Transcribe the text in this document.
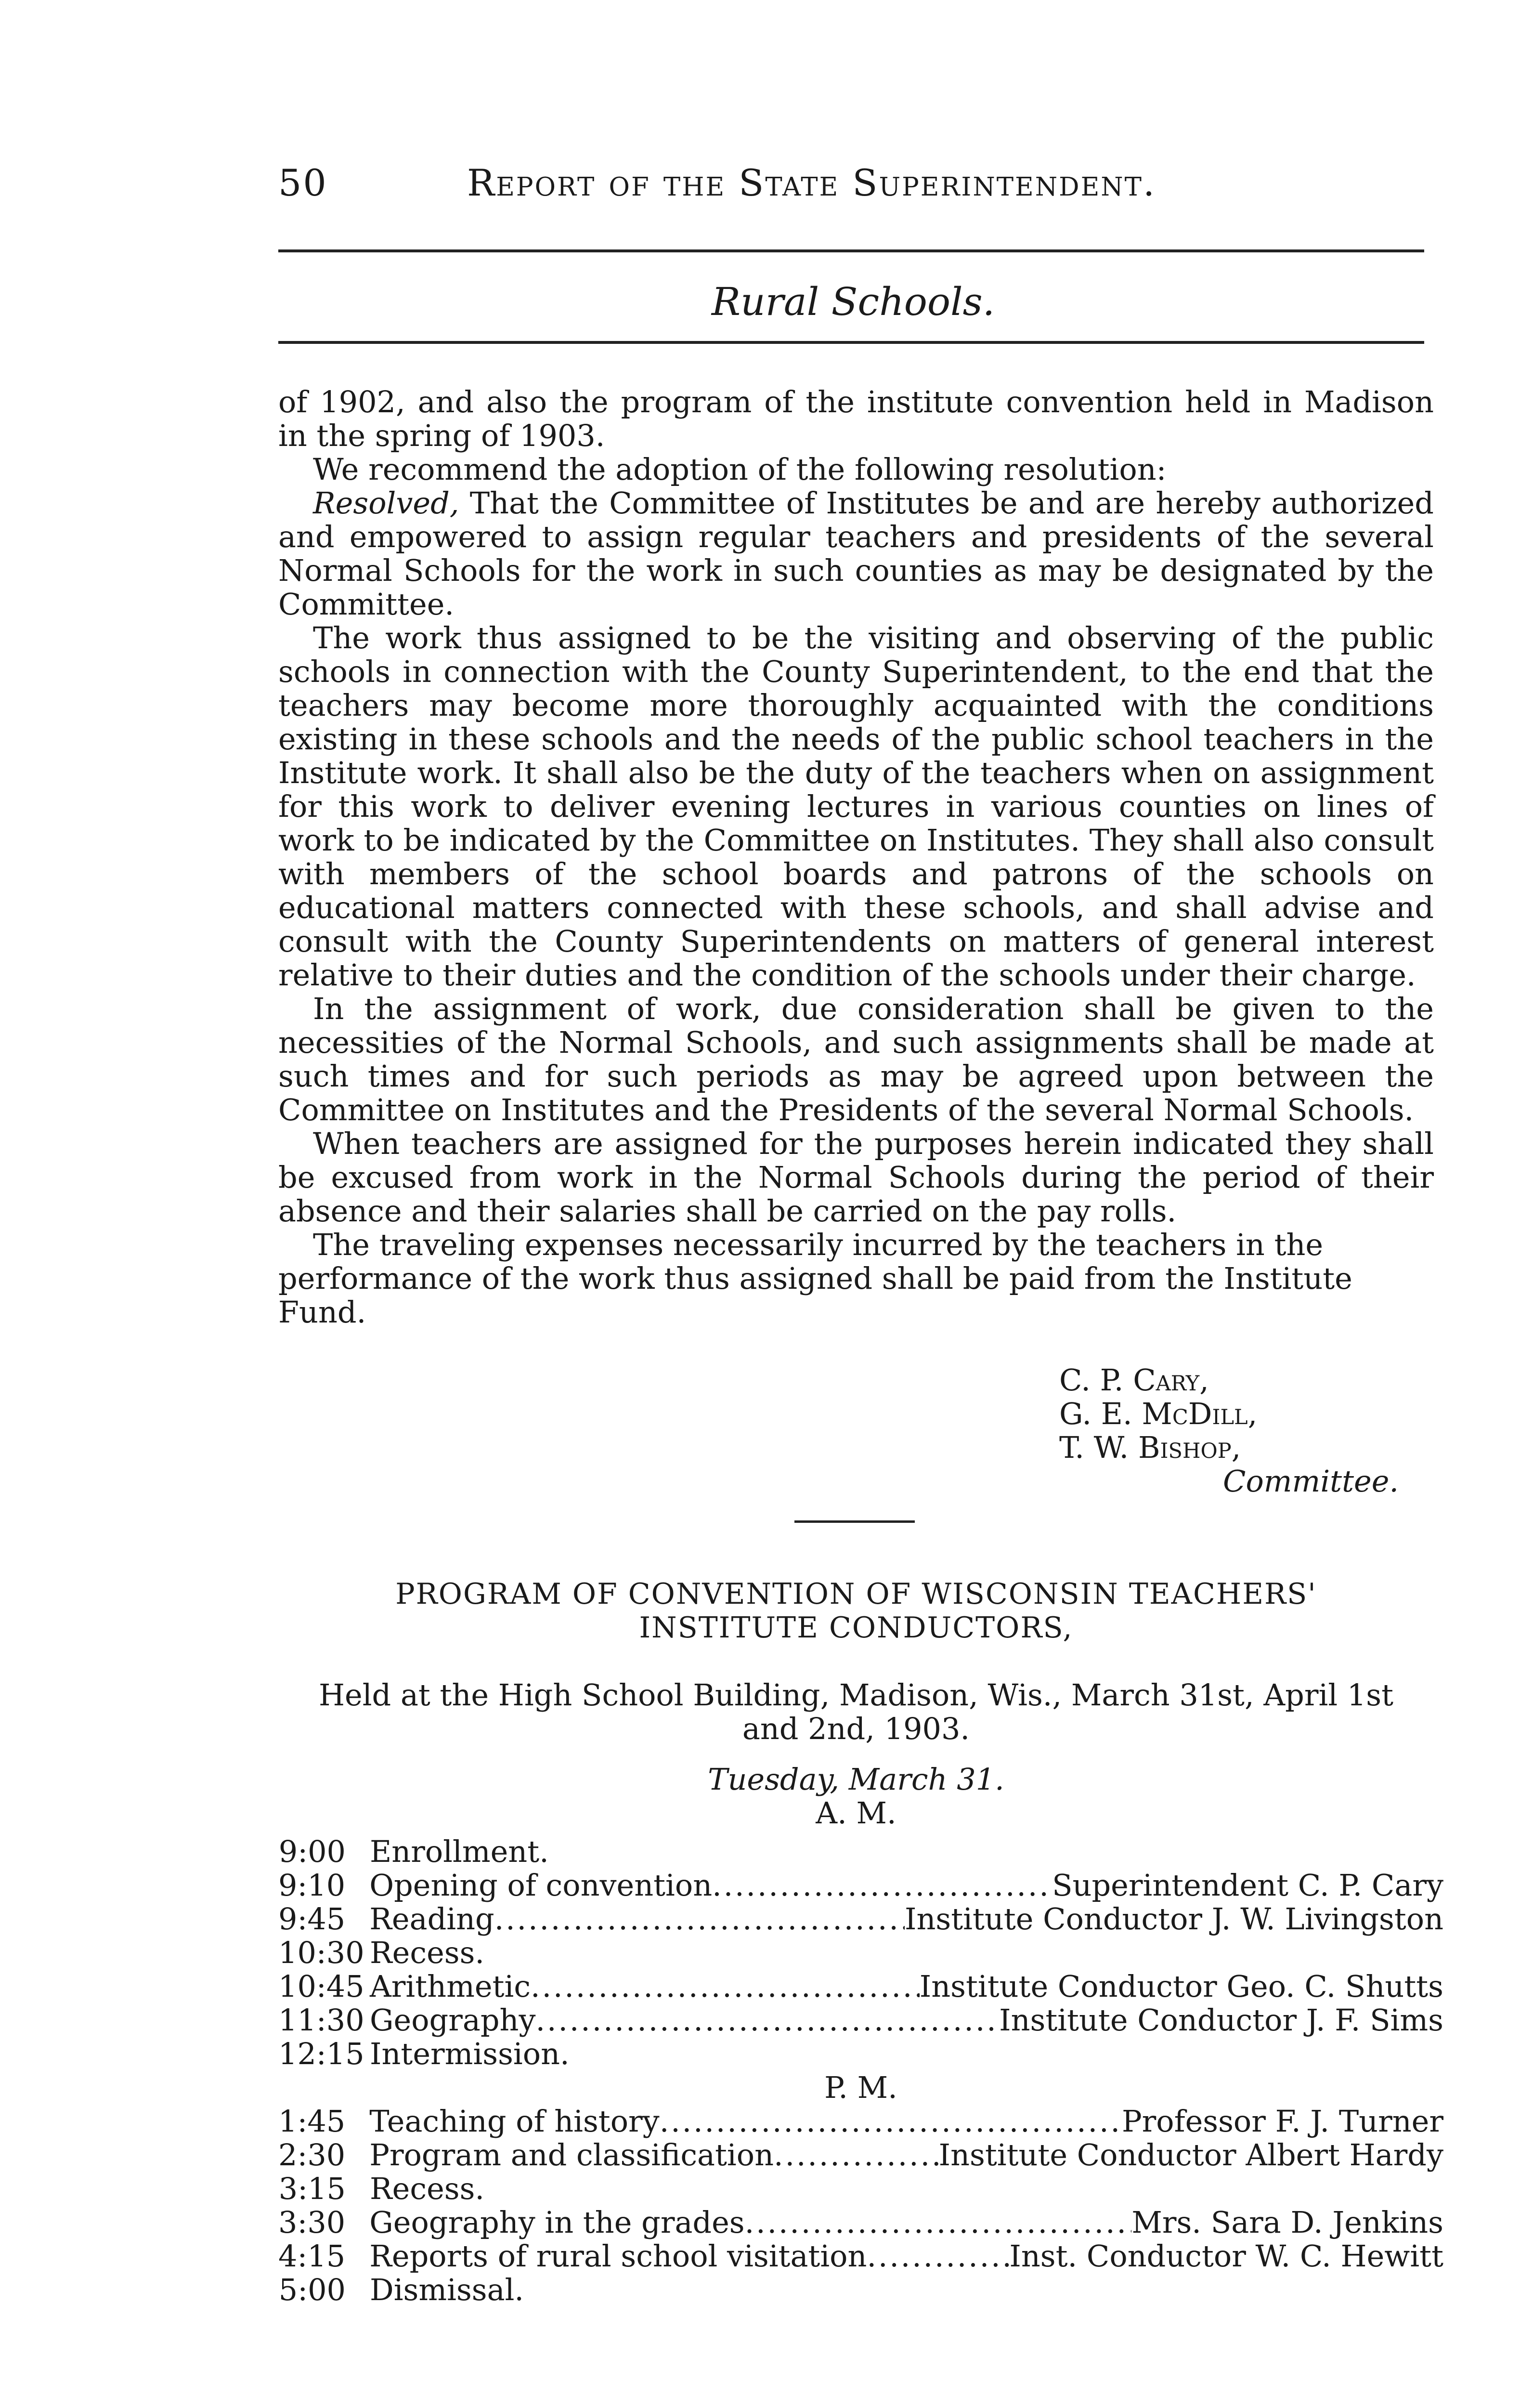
50	Report of the State Superintendent.
Rural Schools.

of 1902, and also the program of the institute convention held in Madison in the spring of 1903.

We recommend the adoption of the following resolution:

Resolved, That the Committee of Institutes be and are hereby authorized and empowered to assign regular teachers and presidents of the several Normal Schools for the work in such counties as may be designated by the Committee.

The work thus assigned to be the visiting and observing of the public schools in connection with the County Superintendent, to the end that the teachers may become more thoroughly acquainted with the conditions existing in these schools and the needs of the public school teachers in the Institute work. It shall also be the duty of the teachers when on assignment for this work to deliver evening lectures in various counties on lines of work to be indicated by the Committee on Institutes. They shall also consult with members of the school boards and patrons of the schools on educational matters connected with these schools, and shall advise and consult with the County Superintendents on matters of general interest relative to their duties and the condition of the schools under their charge.

In the assignment of work, due consideration shall be given to the necessities of the Normal Schools, and such assignments shall be made at such times and for such periods as may be agreed upon between the Committee on Institutes and the Presidents of the several Normal Schools.

When teachers are assigned for the purposes herein indicated they shall be excused from work in the Normal Schools during the period of their absence and their salaries shall be carried on the pay rolls.

The traveling expenses necessarily incurred by the teachers in the performance of the work thus assigned shall be paid from the Institute Fund.

C. P. Cary,
G. E. McDill,
T. W. Bishop,
Committee.
PROGRAM OF CONVENTION OF WISCONSIN TEACHERS'
INSTITUTE CONDUCTORS,
Held at the High School Building, Madison, Wis., March 31st, April 1st
and 2nd, 1903.
Tuesday, March 31.
A. M.
9:00 Enrollment.
9:10 Opening of convention . . .	Superintendent C. P. Cary
9:45 Reading . . .	Institute Conductor J. W. Livingston
10:30 Recess.
10:45 Arithmetic . . .	Institute Conductor Geo. C. Shutts
11:30 Geography . . .	Institute Conductor J. F. Sims
12:15 Intermission.
P. M.
1:45 Teaching of history . . .	Professor F. J. Turner
2:30 Program and classification . . .	Institute Conductor Albert Hardy
3:15 Recess.
3:30 Geography in the grades . . .	Mrs. Sara D. Jenkins
4:15 Reports of rural school visitation . . .	Inst. Conductor W. C. Hewitt
5:00 Dismissal.
